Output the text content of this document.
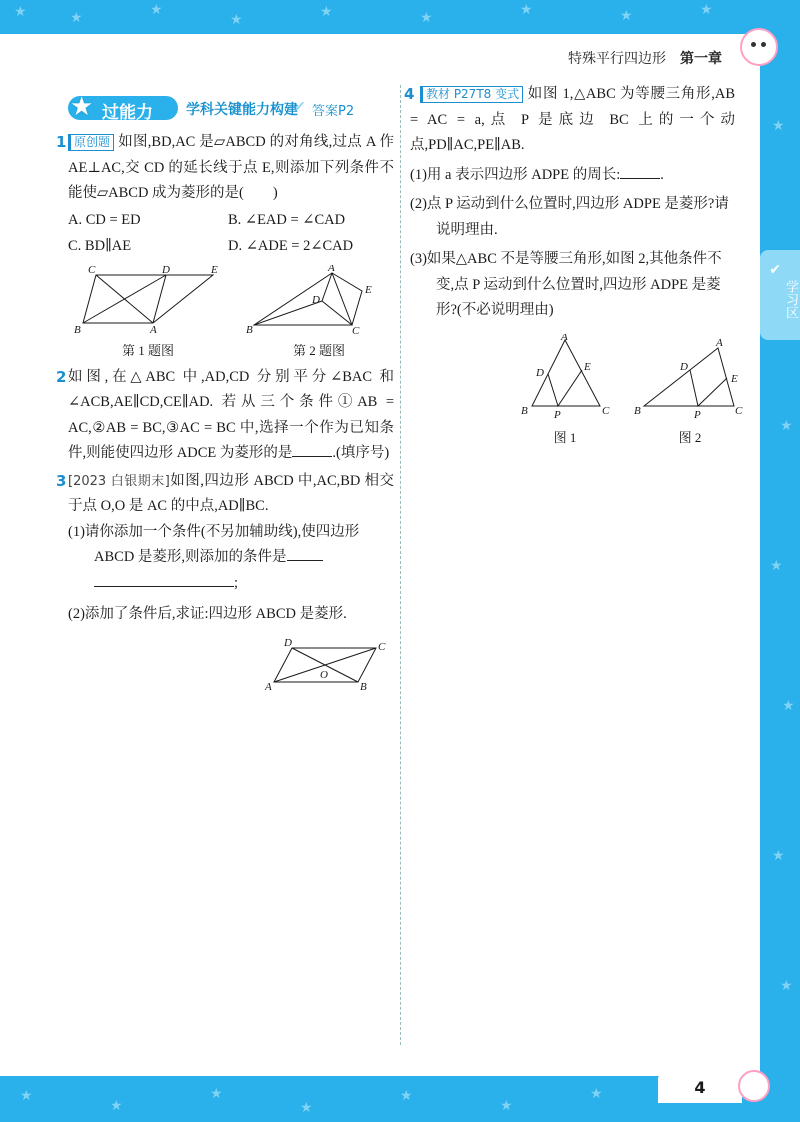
★	★
★
★
★	★
★	★	★
★
★
★
★
★
★
★
★
★
★
★
★
★
特殊平行四边形 第一章
★ 过能力 学科关键能力构建
✔ 答案P2
1 原创题 如图,BD,AC 是▱ABCD 的对角线,过点 A 作AE⊥AC,交 CD 的延长线于点 E,则添加下列条件不能使▱ABCD 成为菱形的是(　　)
A. CD = ED	B. ∠EAD = ∠CAD
C. BD∥AE	D. ∠ADE = 2∠CAD
C	D	E
B	A
第 1 题图
A
E
D
B	C
第 2 题图
2 如图,在△ABC 中,AD,CD 分别平分∠BAC 和∠ACB,AE∥CD,CE∥AD. 若从三个条件①AB = AC,②AB = BC,③AC = BC 中,选择一个作为已知条件,则能使四边形 ADCE 为菱形的是	.(填序号)
3 [2023 白银期末]如图,四边形 ABCD 中,AC,BD 相交于点 O,O 是 AC 的中点,AD∥BC.
(1)请你添加一个条件(不另加辅助线),使四边形 ABCD 是菱形,则添加的条件是
;
(2)添加了条件后,求证:四边形 ABCD 是菱形.
D	C
O
A	B
4 教材 P27T8 变式 如图 1,△ABC 为等腰三角形,AB = AC = a,点 P 是底边 BC 上的一个动点,PD∥AC,PE∥AB.
(1)用 a 表示四边形 ADPE 的周长:	.
(2)点 P 运动到什么位置时,四边形 ADPE 是菱形?请说明理由.
(3)如果△ABC 不是等腰三角形,如图 2,其他条件不变,点 P 运动到什么位置时,四边形 ADPE 是菱形?(不必说明理由)
A
D	E
B P	C
图 1
A
D
E
B	P	C
图 2
学习区
✔
4
